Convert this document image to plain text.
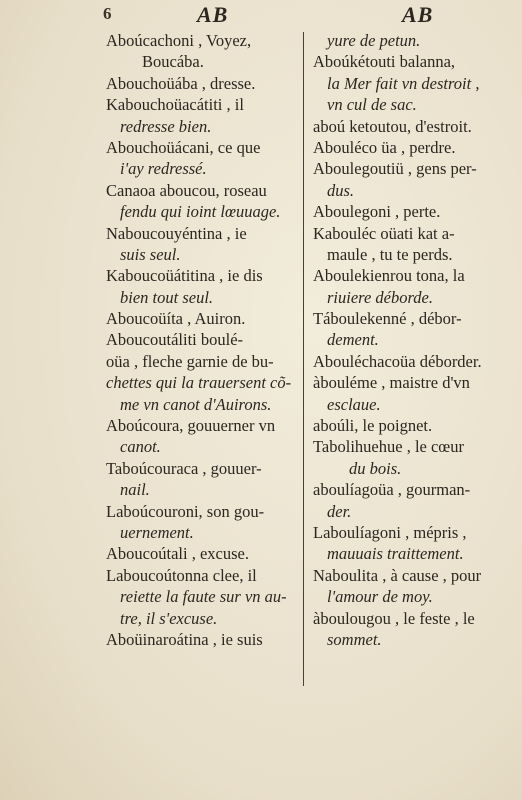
6	AB	AB
Aboúcachoni , Voyez,
Boucába.
Abouchoüába , dresse.
Kabouchoüacátiti , il
redresse bien.
Abouchoüácani, ce que
i'ay redressé.
Canaoa aboucou, roseau
fendu qui ioint lœuuage.
Naboucouyéntina , ie
suis seul.
Kaboucoüátitina , ie dis
bien tout seul.
Aboucoüíta , Auiron.
Aboucoutáliti boulé-
oüa , fleche garnie de bu-
chettes qui la trauersent cõ-
me vn canot d'Auirons.
Aboúcoura, gouuerner vn
canot.
Taboúcouraca , gouuer-
nail.
Laboúcouroni, son gou-
uernement.
Aboucoútali , excuse.
Laboucoútonna clee, il
reiette la faute sur vn au-
tre, il s'excuse.
Aboüinaroátina , ie suis
yure de petun.
Aboúkétouti balanna,
la Mer fait vn destroit ,
vn cul de sac.
aboú ketoutou, d'estroit.
Abouléco üa , perdre.
Aboulegoutiü , gens per-
dus.
Aboulegoni , perte.
Kabouléc oüati kat a-
maule , tu te perds.
Aboulekienrou tona, la
riuiere déborde.
Táboulekenné , débor-
dement.
Abouléchacoüa déborder.
àbouléme , maistre d'vn
esclaue.
aboúli, le poignet.
Tabolihuehue , le cœur
du bois.
aboulíagoüa , gourman-
der.
Laboulíagoni , mépris ,
mauuais traittement.
Naboulita , à cause , pour
l'amour de moy.
àboulougou , le feste , le
sommet.
